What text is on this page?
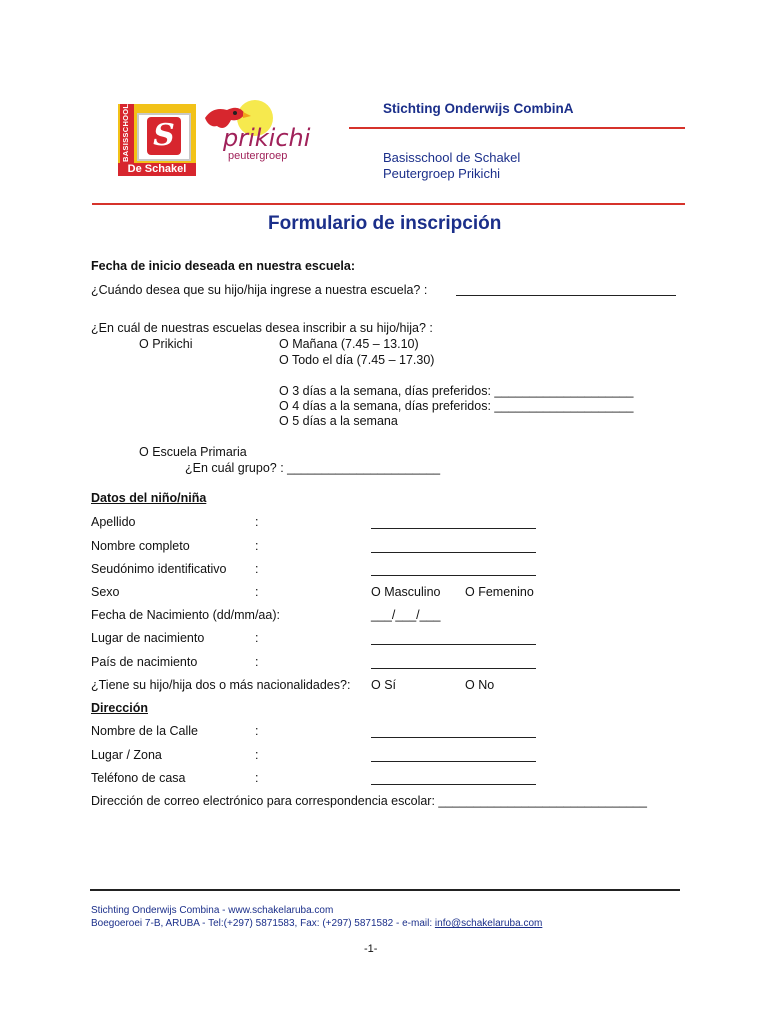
BASISSCHOOL S
De Schakel
prikichi
peutergroep
Stichting Onderwijs CombinA
Basisschool de Schakel
Peutergroep Prikichi
Formulario de inscripción
Fecha de inicio deseada en nuestra escuela:
¿Cuándo desea que su hijo/hija ingrese a nuestra escuela? :
¿En cuál de nuestras escuelas desea inscribir a su hijo/hija? :
O Prikichi	O Mañana (7.45 – 13.10)
O Todo el día (7.45 – 17.30)
O 3 días a la semana, días preferidos: ____________________
O 4 días a la semana, días preferidos: ____________________
O 5 días a la semana
O Escuela Primaria
¿En cuál grupo? : ______________________
Datos del niño/niña
Apellido	:
Nombre completo	:
Seudónimo identificativo :
Sexo	:	O Masculino O Femenino
Fecha de Nacimiento (dd/mm/aa):	___/___/___
Lugar de nacimiento	:
País de nacimiento	:
¿Tiene su hijo/hija dos o más nacionalidades?: O Sí	O No
Dirección
Nombre de la Calle	:
Lugar / Zona	:
Teléfono de casa	:
Dirección de correo electrónico para correspondencia escolar: ______________________________
Stichting Onderwijs Combina - www.schakelaruba.com
Boegoeroei 7-B, ARUBA - Tel:(+297) 5871583, Fax: (+297) 5871582 - e-mail: info@schakelaruba.com
-1-
